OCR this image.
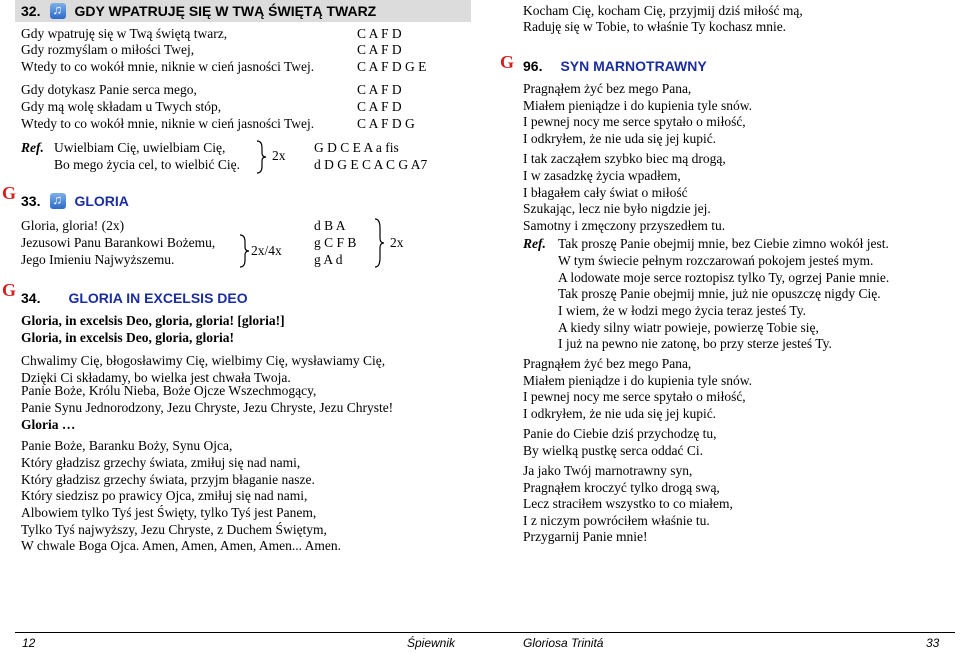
32. ♫ GDY WPATRUJĘ SIĘ W TWĄ ŚWIĘTĄ TWARZ
Gdy wpatruję się w Twą świętą twarz,	C A F D
Gdy rozmyślam o miłości Twej,	C A F D
Wtedy to co wokół mnie, niknie w cień jasności Twej.	C A F D G E
Gdy dotykasz Panie serca mego,	C A F D
Gdy mą wolę składam u Twych stóp,	C A F D
Wtedy to co wokół mnie, niknie w cień jasności Twej.	C A F D G
Ref. Uwielbiam Cię, uwielbiam Cię,	G D C E A a fis
Bo mego życia cel, to wielbić Cię.	d D G E C A C G A7
2x
G 33. ♫ GLORIA
Gloria, gloria! (2x)	d B A
Jezusowi Panu Barankowi Bożemu,	g C F B
Jego Imieniu Najwyższemu.	g A d
2x/4x
2x
G 34. GLORIA IN EXCELSIS DEO
Gloria, in excelsis Deo, gloria, gloria! [gloria!]
Gloria, in excelsis Deo, gloria, gloria!
Chwalimy Cię, błogosławimy Cię, wielbimy Cię, wysławiamy Cię,
Dzięki Ci składamy, bo wielka jest chwała Twoja.
Panie Boże, Królu Nieba, Boże Ojcze Wszechmogący,
Panie Synu Jednorodzony, Jezu Chryste, Jezu Chryste, Jezu Chryste!
Gloria …
Panie Boże, Baranku Boży, Synu Ojca,
Który gładzisz grzechy świata, zmiłuj się nad nami,
Który gładzisz grzechy świata, przyjm błaganie nasze.
Który siedzisz po prawicy Ojca, zmiłuj się nad nami,
Albowiem tylko Tyś jest Święty, tylko Tyś jest Panem,
Tylko Tyś najwyższy, Jezu Chryste, z Duchem Świętym,
W chwale Boga Ojca. Amen, Amen, Amen, Amen... Amen.
Kocham Cię, kocham Cię, przyjmij dziś miłość mą,
Raduję się w Tobie, to właśnie Ty kochasz mnie.
G 96. SYN MARNOTRAWNY
Pragnąłem żyć bez mego Pana,
Miałem pieniądze i do kupienia tyle snów.
I pewnej nocy me serce spytało o miłość,
I odkryłem, że nie uda się jej kupić.
I tak zacząłem szybko biec mą drogą,
I w zasadzkę życia wpadłem,
I błagałem cały świat o miłość
Szukając, lecz nie było nigdzie jej.
Samotny i zmęczony przyszedłem tu.
Ref. Tak proszę Panie obejmij mnie, bez Ciebie zimno wokół jest.
W tym świecie pełnym rozczarowań pokojem jesteś mym.
A lodowate moje serce roztopisz tylko Ty, ogrzej Panie mnie.
Tak proszę Panie obejmij mnie, już nie opuszczę nigdy Cię.
I wiem, że w łodzi mego życia teraz jesteś Ty.
A kiedy silny wiatr powieje, powierzę Tobie się,
I już na pewno nie zatonę, bo przy sterze jesteś Ty.
Pragnąłem żyć bez mego Pana,
Miałem pieniądze i do kupienia tyle snów.
I pewnej nocy me serce spytało o miłość,
I odkryłem, że nie uda się jej kupić.
Panie do Ciebie dziś przychodzę tu,
By wielką pustkę serca oddać Ci.
Ja jako Twój marnotrawny syn,
Pragnąłem kroczyć tylko drogą swą,
Lecz straciłem wszystko to co miałem,
I z niczym powróciłem właśnie tu.
Przygarnij Panie mnie!
12	Śpiewnik	Gloriosa Trinitá	33
